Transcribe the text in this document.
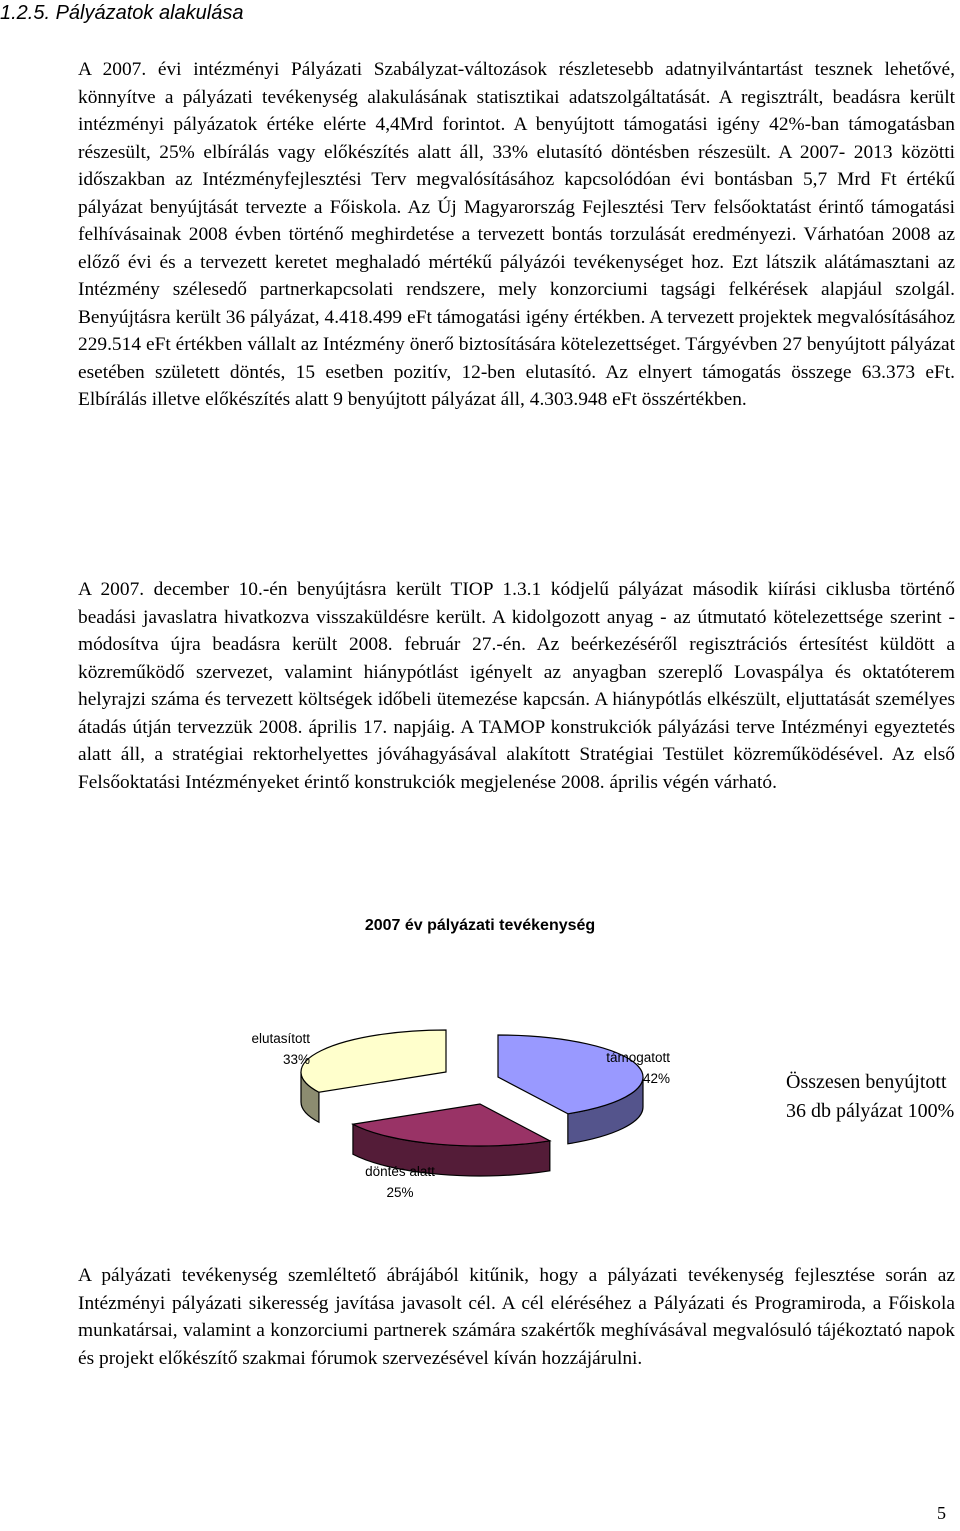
1.2.5. Pályázatok alakulása

A 2007. évi intézményi Pályázati Szabályzat-változások részletesebb adatnyilvántartást tesznek lehetővé, könnyítve a pályázati tevékenység alakulásának statisztikai adatszolgáltatását. A regisztrált, beadásra került intézményi pályázatok értéke elérte 4,4Mrd forintot. A benyújtott támogatási igény 42%-ban támogatásban részesült, 25% elbírálás vagy előkészítés alatt áll, 33% elutasító döntésben részesült. A 2007- 2013 közötti időszakban az Intézményfejlesztési Terv megvalósításához kapcsolódóan évi bontásban 5,7 Mrd Ft értékű pályázat benyújtását tervezte a Főiskola. Az Új Magyarország Fejlesztési Terv felsőoktatást érintő támogatási felhívásainak 2008 évben történő meghirdetése a tervezett bontás torzulását eredményezi. Várhatóan 2008 az előző évi és a tervezett keretet meghaladó mértékű pályázói tevékenységet hoz. Ezt látszik alátámasztani az Intézmény szélesedő partnerkapcsolati rendszere, mely konzorciumi tagsági felkérések alapjául szolgál. Benyújtásra került 36 pályázat, 4.418.499 eFt támogatási igény értékben. A tervezett projektek megvalósításához 229.514 eFt értékben vállalt az Intézmény önerő biztosítására kötelezettséget. Tárgyévben 27 benyújtott pályázat esetében született döntés, 15 esetben pozitív, 12-ben elutasító. Az elnyert támogatás összege 63.373 eFt. Elbírálás illetve előkészítés alatt 9 benyújtott pályázat áll, 4.303.948 eFt összértékben.

A 2007. december 10.-én benyújtásra került TIOP 1.3.1 kódjelű pályázat második kiírási ciklusba történő beadási javaslatra hivatkozva visszaküldésre került. A kidolgozott anyag - az útmutató kötelezettsége szerint - módosítva újra beadásra került 2008. február 27.-én. Az beérkezéséről regisztrációs értesítést küldött a közreműködő szervezet, valamint hiánypótlást igényelt az anyagban szereplő Lovaspálya és oktatóterem helyrajzi száma és tervezett költségek időbeli ütemezése kapcsán. A hiánypótlás elkészült, eljuttatását személyes átadás útján tervezzük 2008. április 17. napjáig. A TAMOP konstrukciók pályázási terve Intézményi egyeztetés alatt áll, a stratégiai rektorhelyettes jóváhagyásával alakított Stratégiai Testület közreműködésével. Az első Felsőoktatási Intézményeket érintő konstrukciók megjelenése 2008. április végén várható.

2007 év pályázati tevékenység
támogatott
42%
döntés alatt
25%
elutasított
33%
Összesen benyújtott 36 db pályázat 100%

A pályázati tevékenység szemléltető ábrájából kitűnik, hogy a pályázati tevékenység fejlesztése során az Intézményi pályázati sikeresség javítása javasolt cél. A cél eléréséhez a Pályázati és Programiroda, a Főiskola munkatársai, valamint a konzorciumi partnerek számára szakértők meghívásával megvalósuló tájékoztató napok és projekt előkészítő szakmai fórumok szervezésével kíván hozzájárulni.

5
